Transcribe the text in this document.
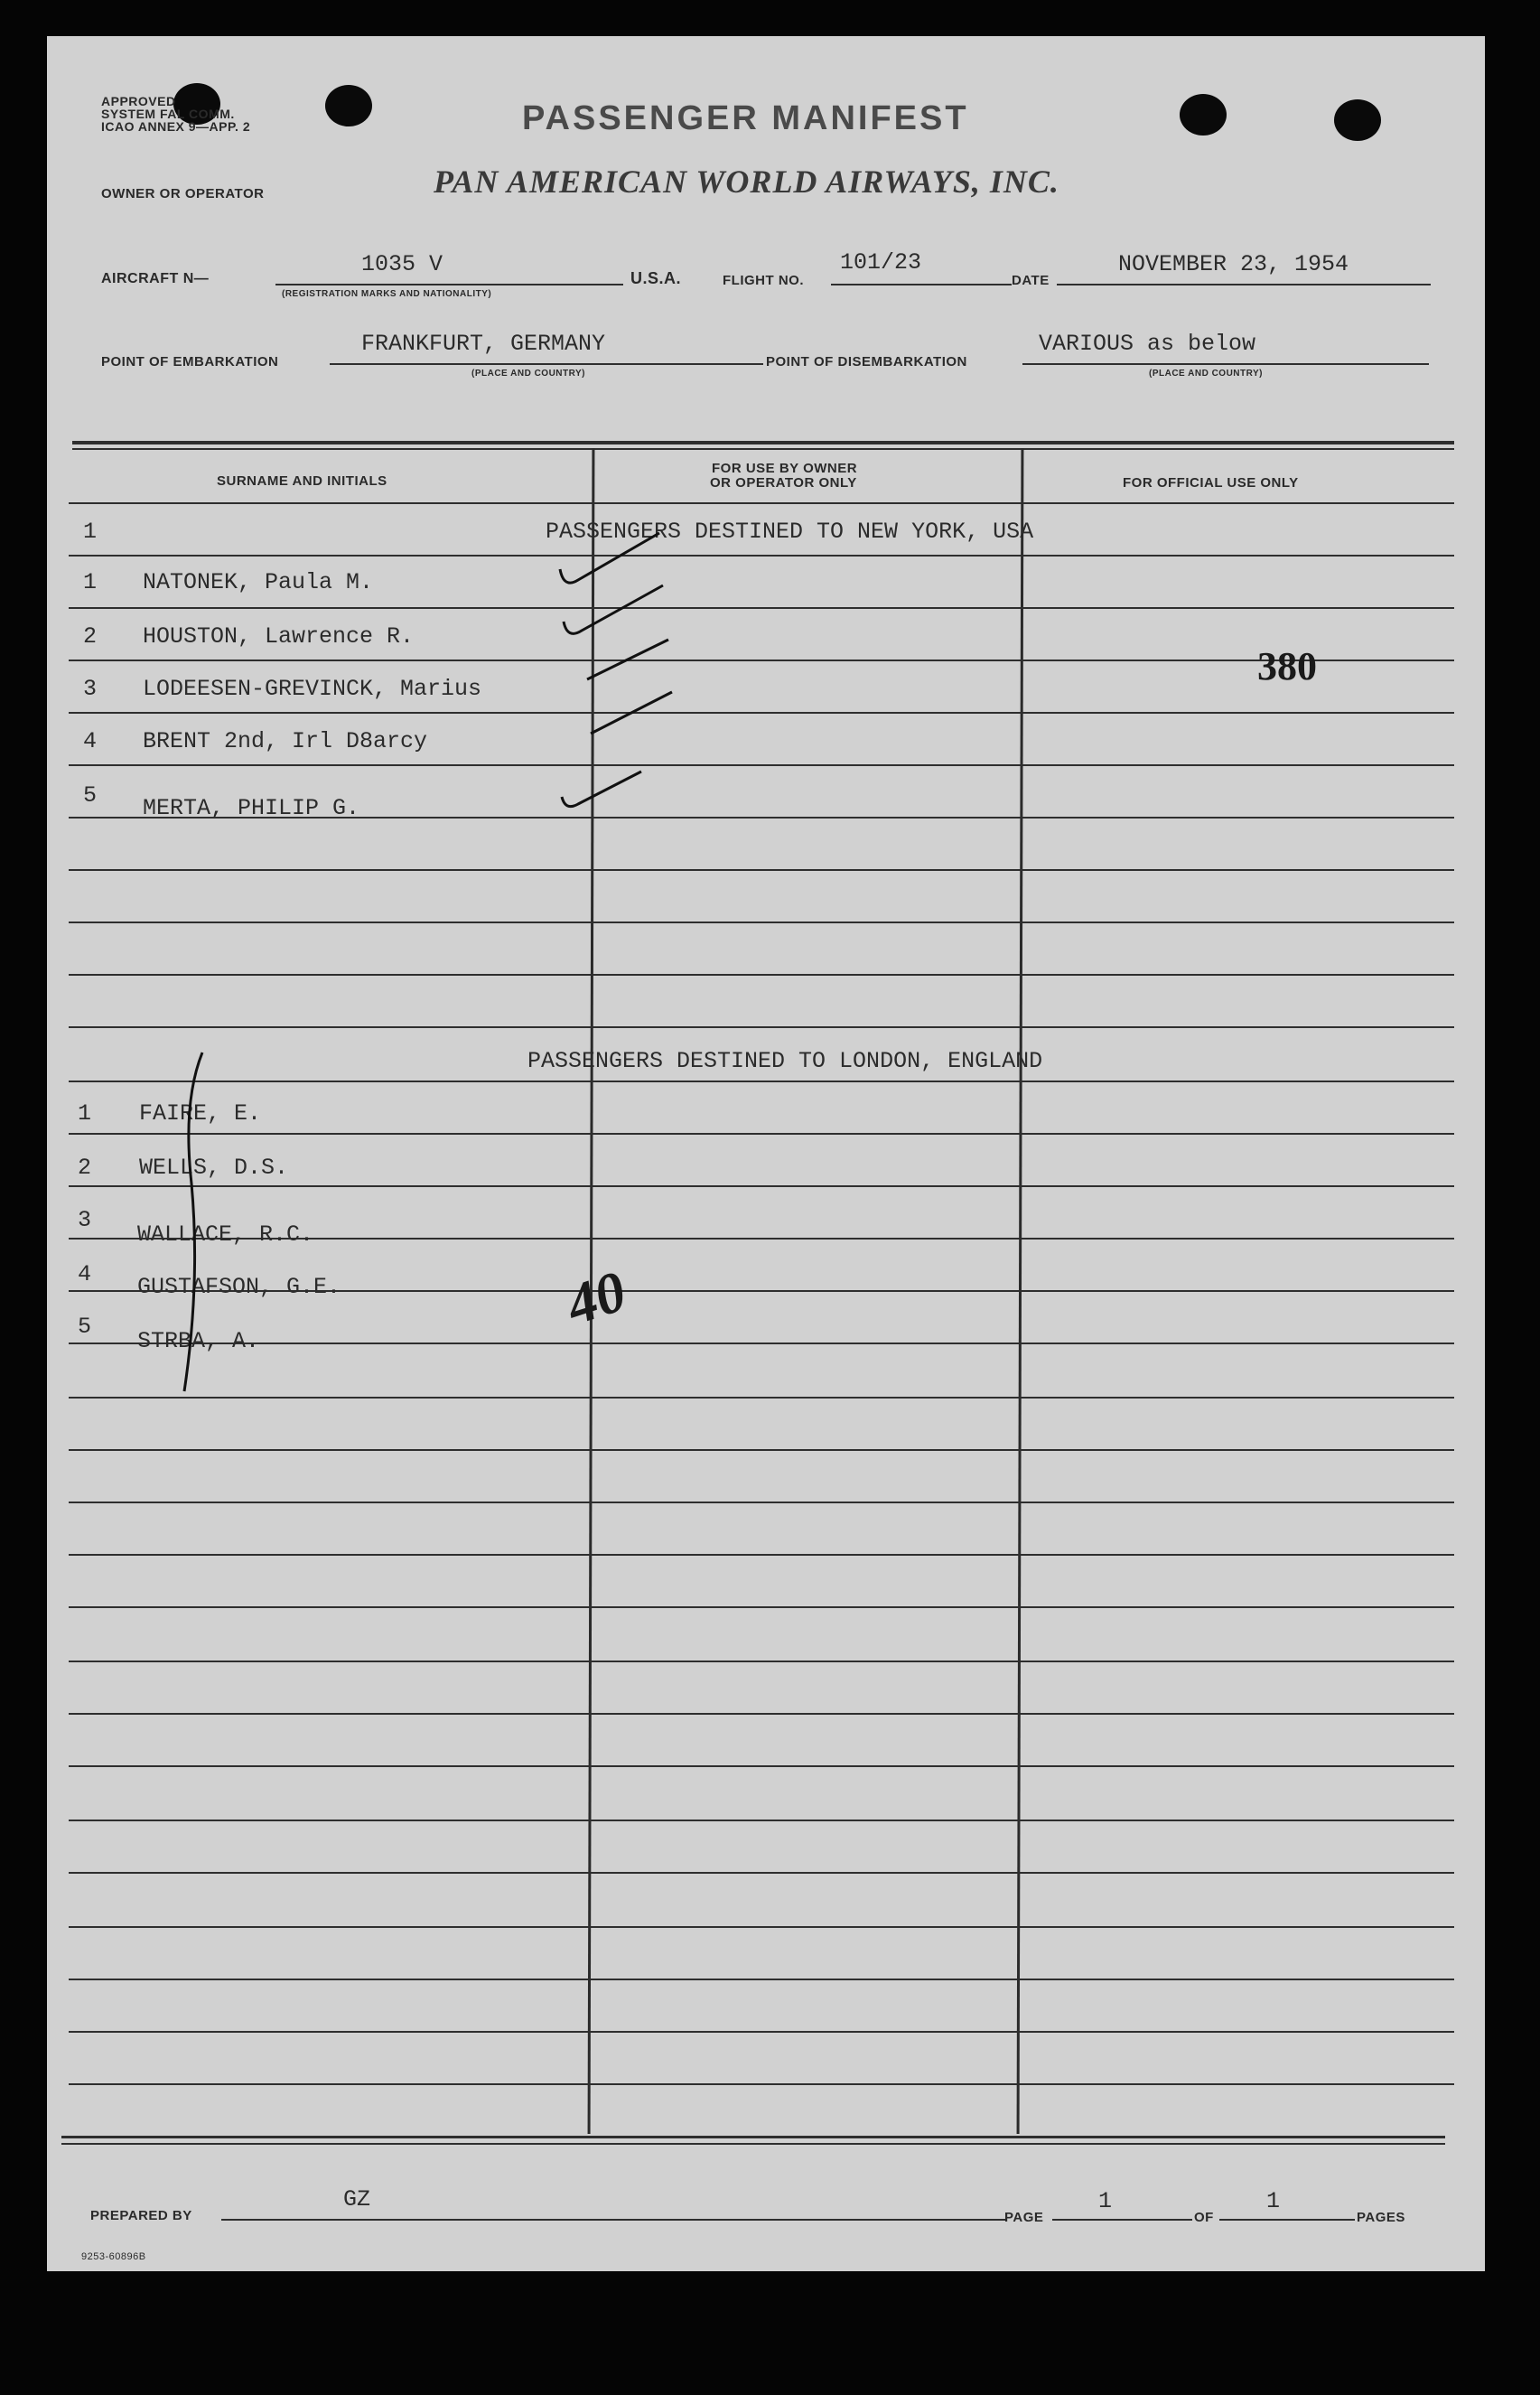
APPROVED
SYSTEM FAL COMM.
ICAO ANNEX 9—APP. 2	PASSENGER MANIFEST
OWNER OR OPERATOR	PAN AMERICAN WORLD AIRWAYS, INC.
AIRCRAFT N—
1035 V
(REGISTRATION MARKS AND NATIONALITY)
U.S.A.	FLIGHT NO.
101/23
DATE
NOVEMBER 23, 1954
POINT OF EMBARKATION
FRANKFURT, GERMANY
(PLACE AND COUNTRY)
POINT OF DISEMBARKATION
VARIOUS as below
(PLACE AND COUNTRY)
SURNAME AND INITIALS
FOR USE BY OWNER
OR OPERATOR ONLY	FOR OFFICIAL USE ONLY
1	PASSENGERS DESTINED TO NEW YORK, USA
1 NATONEK, Paula M.
2 HOUSTON, Lawrence R.
3 LODEESEN-GREVINCK, Marius
4 BRENT 2nd, Irl D8arcy
5 MERTA, PHILIP G.
380
PASSENGERS DESTINED TO LONDON, ENGLAND
1 FAIRE, E.
2 WELLS, D.S.
3
WALLACE, R.C.
4 GUSTAFSON, G.E.
5
STRBA, A.
40
PREPARED BY
GZ
PAGE
1
OF
1
PAGES
9253-60896B
